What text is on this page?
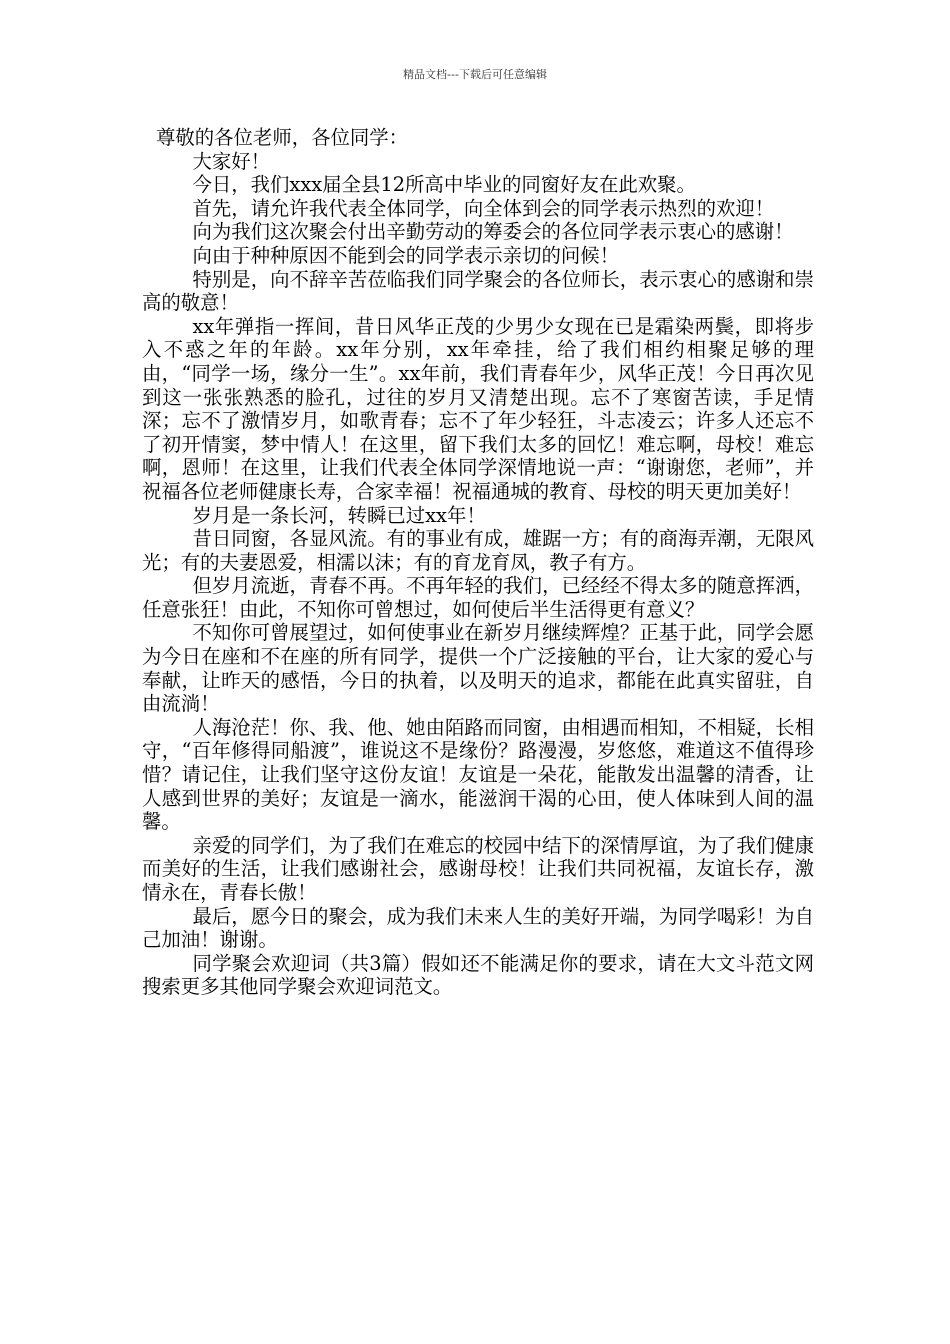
精品文档---下载后可任意编辑

尊敬的各位老师，各位同学：

大家好！

今日，我们xxx届全县12所高中毕业的同窗好友在此欢聚。

首先，请允许我代表全体同学，向全体到会的同学表示热烈的欢迎！

向为我们这次聚会付出辛勤劳动的筹委会的各位同学表示衷心的感谢！

向由于种种原因不能到会的同学表示亲切的问候！

特别是，向不辞辛苦莅临我们同学聚会的各位师长，表示衷心的感谢和崇高的敬意！

xx年弹指一挥间，昔日风华正茂的少男少女现在已是霜染两鬓，即将步入不惑之年的年龄。xx年分别，xx年牵挂，给了我们相约相聚足够的理由，“同学一场，缘分一生”。xx年前，我们青春年少，风华正茂！今日再次见到这一张张熟悉的脸孔，过往的岁月又清楚出现。忘不了寒窗苦读，手足情深；忘不了激情岁月，如歌青春；忘不了年少轻狂，斗志凌云；许多人还忘不了初开情窦，梦中情人！在这里，留下我们太多的回忆！难忘啊，母校！难忘啊，恩师！在这里，让我们代表全体同学深情地说一声：“谢谢您，老师”，并祝福各位老师健康长寿，合家幸福！祝福通城的教育、母校的明天更加美好！

岁月是一条长河，转瞬已过xx年！

昔日同窗，各显风流。有的事业有成，雄踞一方；有的商海弄潮，无限风光；有的夫妻恩爱，相濡以沫；有的育龙育凤，教子有方。

但岁月流逝，青春不再。不再年轻的我们，已经经不得太多的随意挥洒，任意张狂！由此，不知你可曾想过，如何使后半生活得更有意义？

不知你可曾展望过，如何使事业在新岁月继续辉煌？正基于此，同学会愿为今日在座和不在座的所有同学，提供一个广泛接触的平台，让大家的爱心与奉献，让昨天的感悟，今日的执着，以及明天的追求，都能在此真实留驻，自由流淌！

人海沧茫！你、我、他、她由陌路而同窗，由相遇而相知，不相疑，长相守，“百年修得同船渡”，谁说这不是缘份？路漫漫，岁悠悠，难道这不值得珍惜？请记住，让我们坚守这份友谊！友谊是一朵花，能散发出温馨的清香，让人感到世界的美好；友谊是一滴水，能滋润干渴的心田，使人体味到人间的温馨。

亲爱的同学们，为了我们在难忘的校园中结下的深情厚谊，为了我们健康而美好的生活，让我们感谢社会，感谢母校！让我们共同祝福，友谊长存，激情永在，青春长傲！

最后，愿今日的聚会，成为我们未来人生的美好开端，为同学喝彩！为自己加油！谢谢。

同学聚会欢迎词（共3篇）假如还不能满足你的要求，请在大文斗范文网搜索更多其他同学聚会欢迎词范文。
